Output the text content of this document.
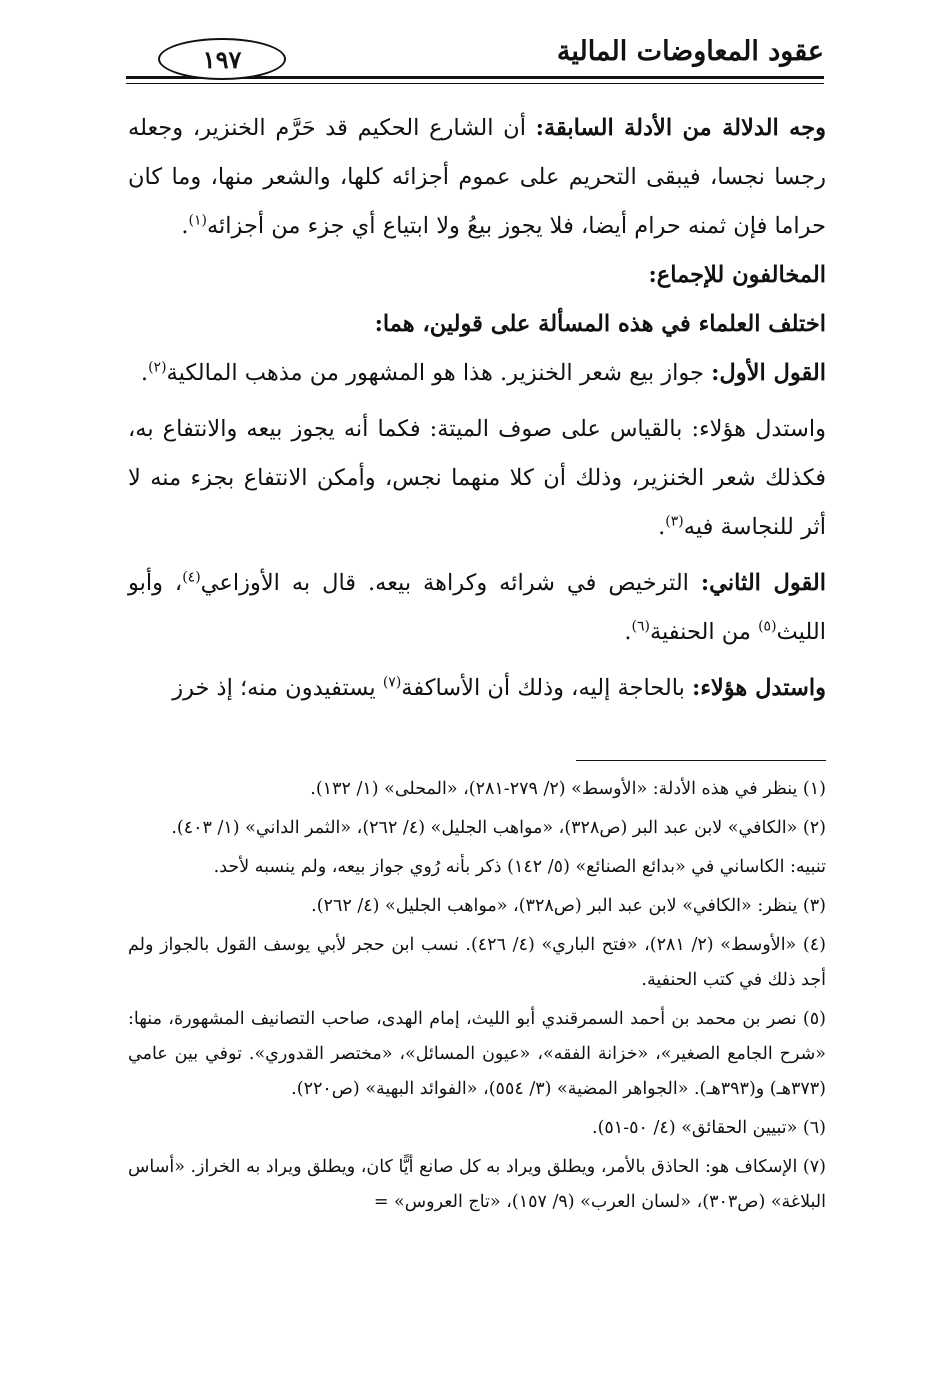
عقود المعاوضات المالية
١٩٧

وجه الدلالة من الأدلة السابقة: أن الشارع الحكيم قد حَرَّم الخنزير، وجعله رجسا نجسا، فيبقى التحريم على عموم أجزائه كلها، والشعر منها، وما كان حراما فإن ثمنه حرام أيضا، فلا يجوز بيعُ ولا ابتياع أي جزء من أجزائه$^{(١)}$.

المخالفون للإجماع:

اختلف العلماء في هذه المسألة على قولين، هما:

القول الأول: جواز بيع شعر الخنزير. هذا هو المشهور من مذهب المالكية$^{(٢)}$.

واستدل هؤلاء: بالقياس على صوف الميتة: فكما أنه يجوز بيعه والانتفاع به، فكذلك شعر الخنزير، وذلك أن كلا منهما نجس، وأمكن الانتفاع بجزء منه لا أثر للنجاسة فيه$^{(٣)}$.

القول الثاني: الترخيص في شرائه وكراهة بيعه. قال به الأوزاعي$^{(٤)}$، وأبو الليث$^{(٥)}$ من الحنفية$^{(٦)}$.

واستدل هؤلاء: بالحاجة إليه، وذلك أن الأساكفة$^{(٧)}$ يستفيدون منه؛ إذ خرز

(١) ينظر في هذه الأدلة: «الأوسط» (٢/ ٢٧٩-٢٨١)، «المحلى» (١/ ١٣٢).

(٢) «الكافي» لابن عبد البر (ص٣٢٨)، «مواهب الجليل» (٤/ ٢٦٢)، «الثمر الداني» (١/ ٤٠٣).

تنبيه: الكاساني في «بدائع الصنائع» (٥/ ١٤٢) ذكر بأنه رُوي جواز بيعه، ولم ينسبه لأحد.

(٣) ينظر: «الكافي» لابن عبد البر (ص٣٢٨)، «مواهب الجليل» (٤/ ٢٦٢).

(٤) «الأوسط» (٢/ ٢٨١)، «فتح الباري» (٤/ ٤٢٦). نسب ابن حجر لأبي يوسف القول بالجواز ولم أجد ذلك في كتب الحنفية.

(٥) نصر بن محمد بن أحمد السمرقندي أبو الليث، إمام الهدى، صاحب التصانيف المشهورة، منها: «شرح الجامع الصغير»، «خزانة الفقه»، «عيون المسائل»، «مختصر القدوري». توفي بين عامي (٣٧٣هـ) و(٣٩٣هـ). «الجواهر المضية» (٣/ ٥٥٤)، «الفوائد البهية» (ص٢٢٠).

(٦) «تبيين الحقائق» (٤/ ٥٠-٥١).

(٧) الإسكاف هو: الحاذق بالأمر، ويطلق ويراد به كل صانع أيًّا كان، ويطلق ويراد به الخراز. «أساس البلاغة» (ص٣٠٣)، «لسان العرب» (٩/ ١٥٧)، «تاج العروس» =
